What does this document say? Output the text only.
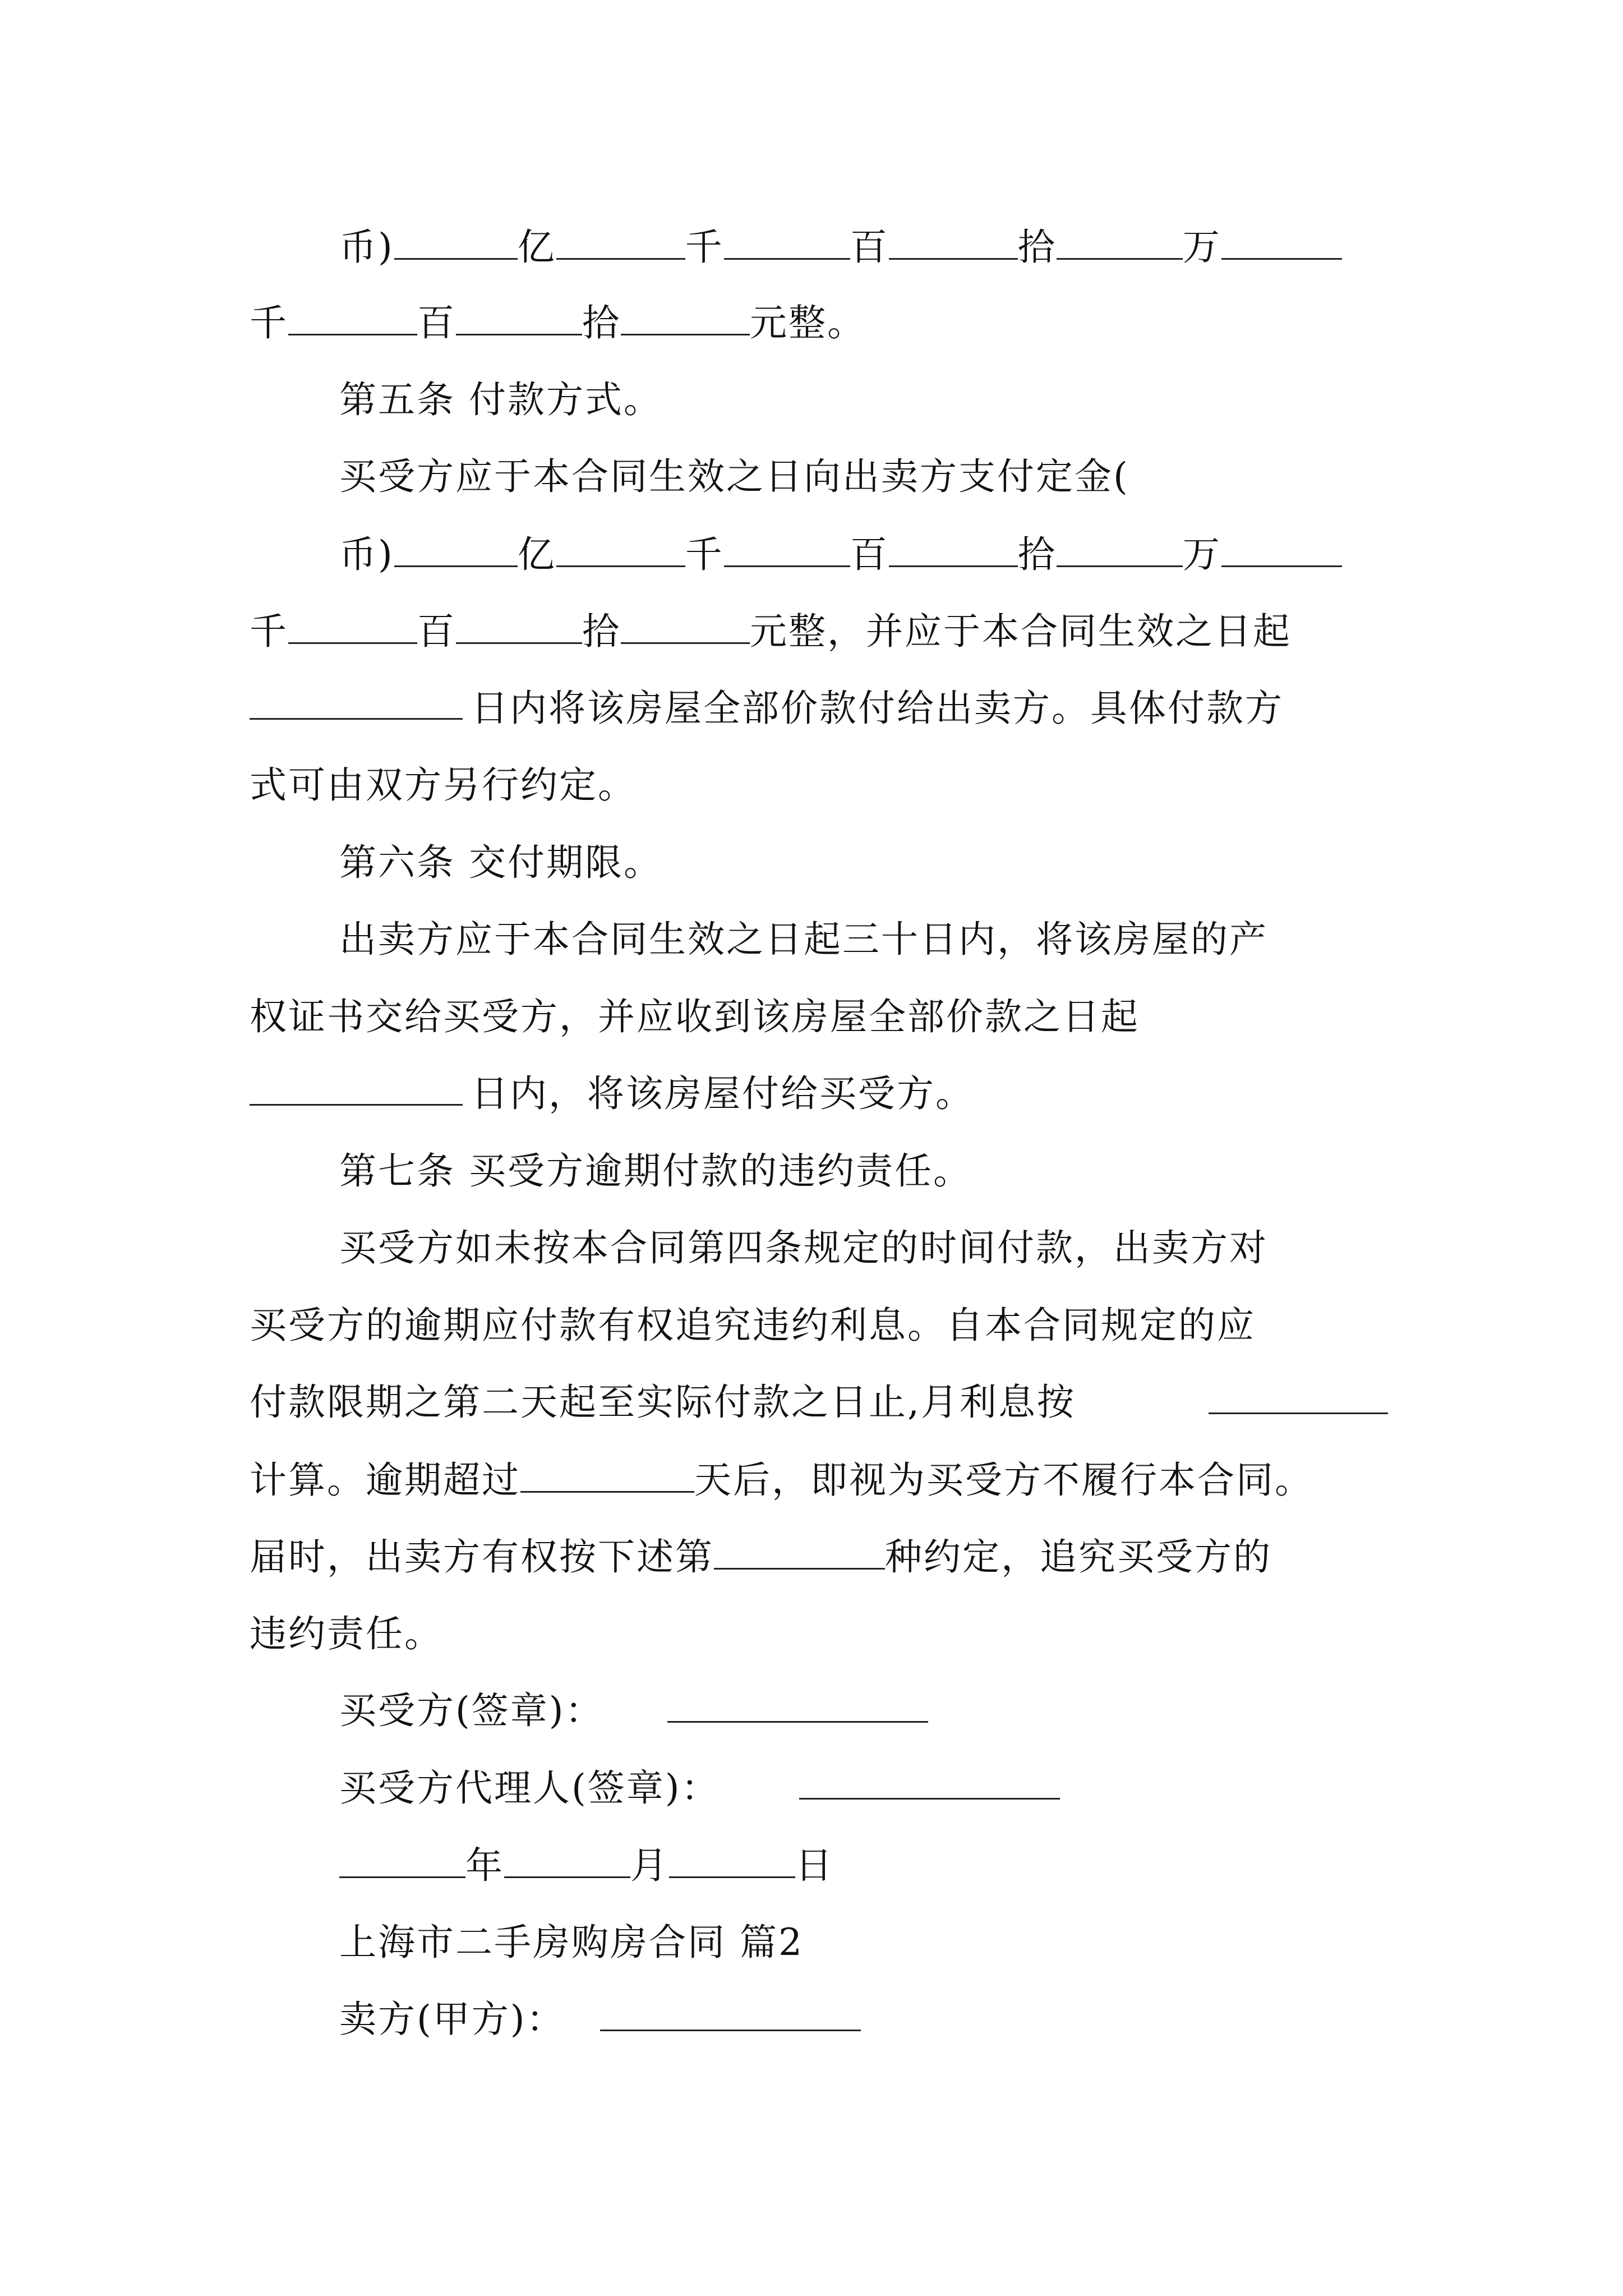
币)	亿	千	百	拾	万
千	百	拾	元整。
第五条 付款方式。
买受方应于本合同生效之日向出卖方支付定金(
币)	亿	千	百	拾	万
千	百	拾	元整，并应于本合同生效之日起
日内将该房屋全部价款付给出卖方。具体付款方
式可由双方另行约定。
第六条 交付期限。
出卖方应于本合同生效之日起三十日内，将该房屋的产
权证书交给买受方，并应收到该房屋全部价款之日起
日内，将该房屋付给买受方。
第七条 买受方逾期付款的违约责任。
买受方如未按本合同第四条规定的时间付款，出卖方对
买受方的逾期应付款有权追究违约利息。自本合同规定的应
付款限期之第二天起至实际付款之日止,月利息按
计算。逾期超过	天后，即视为买受方不履行本合同。
届时，出卖方有权按下述第	种约定，追究买受方的
违约责任。
买受方(签章)：
买受方代理人(签章)：
年	月	日
上海市二手房购房合同 篇2
卖方(甲方)：
